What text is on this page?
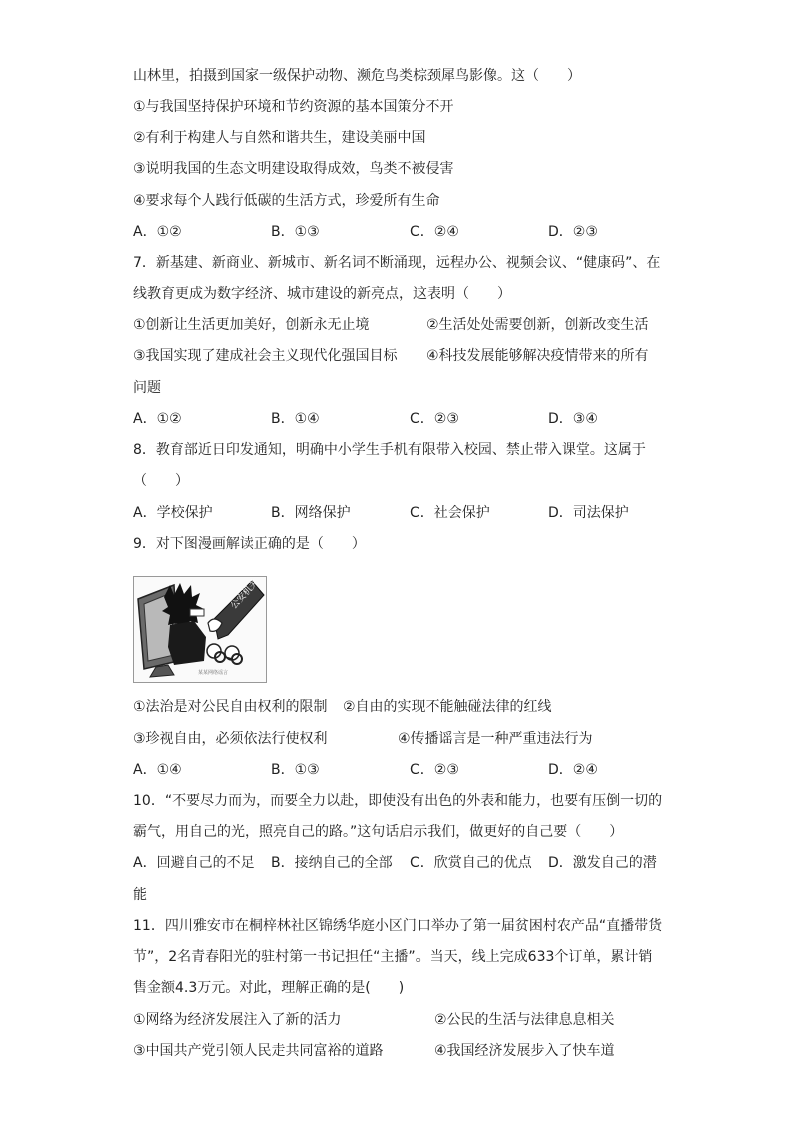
山林里，拍摄到国家一级保护动物、濒危鸟类棕颈犀鸟影像。这（　　）
①与我国坚持保护环境和节约资源的基本国策分不开
②有利于构建人与自然和谐共生，建设美丽中国
③说明我国的生态文明建设取得成效，鸟类不被侵害
④要求每个人践行低碳的生活方式，珍爱所有生命
A．①②	B．①③	C．②④	D．②③
7．新基建、新商业、新城市、新名词不断涌现，远程办公、视频会议、“健康码”、在
线教育更成为数字经济、城市建设的新亮点，这表明（　　）
①创新让生活更加美好，创新永无止境	②生活处处需要创新，创新改变生活
③我国实现了建成社会主义现代化强国目标 ④科技发展能够解决疫情带来的所有
问题
A．①②	B．①④	C．②③	D．③④
8．教育部近日印发通知，明确中小学生手机有限带入校园、禁止带入课堂。这属于
（　　）
A．学校保护	B．网络保护	C．社会保护	D．司法保护
9．对下图漫画解读正确的是（　　）
公安机关
某某网络谣言
①法治是对公民自由权利的限制 ②自由的实现不能触碰法律的红线
③珍视自由，必须依法行使权利	④传播谣言是一种严重违法行为
A．①④	B．①③	C．②③	D．②④
10．“不要尽力而为，而要全力以赴，即使没有出色的外表和能力，也要有压倒一切的
霸气，用自己的光，照亮自己的路。”这句话启示我们，做更好的自己要（　　）
A．回避自己的不足 B．接纳自己的全部 C．欣赏自己的优点 D．激发自己的潜
能
11．四川雅安市在桐梓林社区锦绣华庭小区门口举办了第一届贫困村农产品“直播带货
节”，2名青春阳光的驻村第一书记担任“主播”。当天，线上完成633个订单，累计销
售金额4.3万元。对此，理解正确的是(　　)
①网络为经济发展注入了新的活力	②公民的生活与法律息息相关
③中国共产党引领人民走共同富裕的道路	④我国经济发展步入了快车道
